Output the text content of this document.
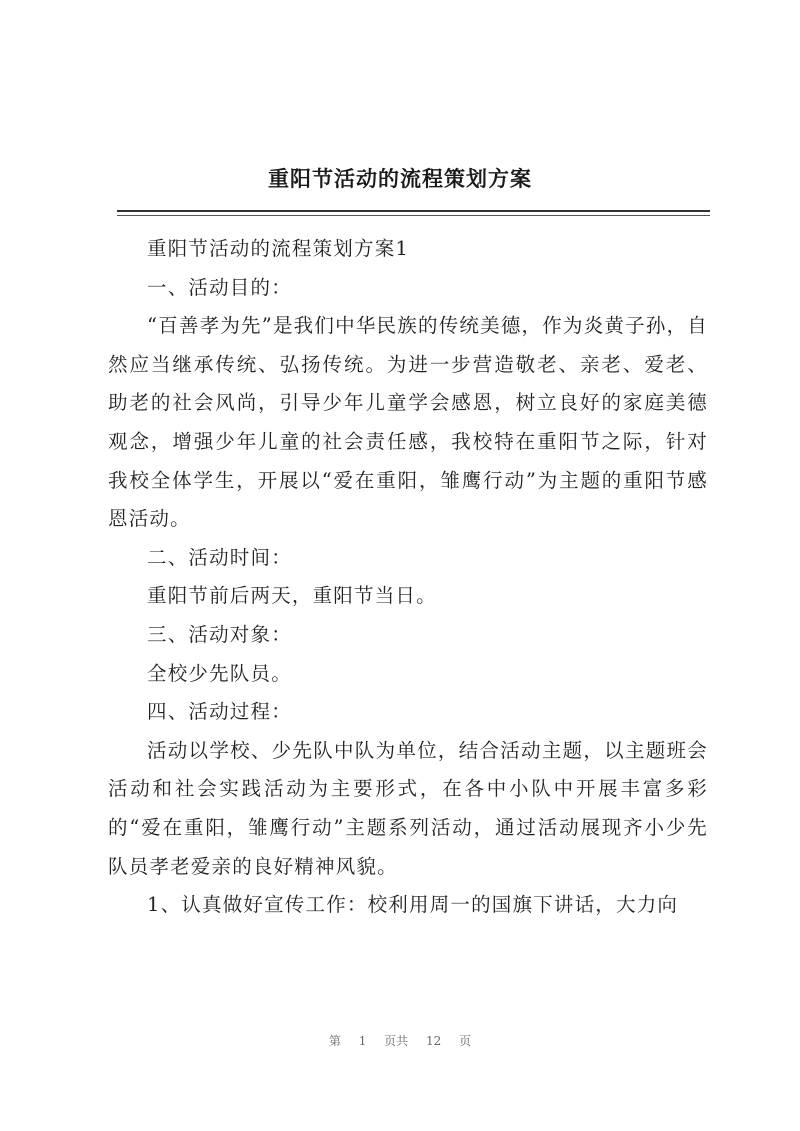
重阳节活动的流程策划方案

重阳节活动的流程策划方案1

一、活动目的：

“百善孝为先”是我们中华民族的传统美德，作为炎黄子孙，自然应当继承传统、弘扬传统。为进一步营造敬老、亲老、爱老、助老的社会风尚，引导少年儿童学会感恩，树立良好的家庭美德观念，增强少年儿童的社会责任感，我校特在重阳节之际，针对我校全体学生，开展以“爱在重阳，雏鹰行动”为主题的重阳节感恩活动。

二、活动时间：

重阳节前后两天，重阳节当日。

三、活动对象：

全校少先队员。

四、活动过程：

活动以学校、少先队中队为单位，结合活动主题，以主题班会活动和社会实践活动为主要形式，在各中小队中开展丰富多彩的“爱在重阳，雏鹰行动”主题系列活动，通过活动展现齐小少先队员孝老爱亲的良好精神风貌。

1、认真做好宣传工作：校利用周一的国旗下讲话，大力向

第 1 页共 12 页
